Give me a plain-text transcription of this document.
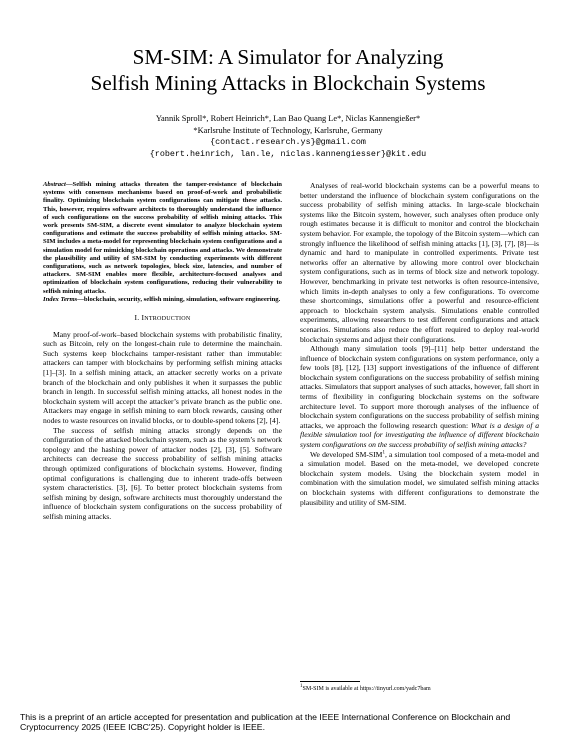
SM-SIM: A Simulator for Analyzing
Selfish Mining Attacks in Blockchain Systems
Yannik Sproll*, Robert Heinrich*, Lan Bao Quang Le*, Niclas Kannengießer*
*Karlsruhe Institute of Technology, Karlsruhe, Germany
{contact.research.ys}@gmail.com
{robert.heinrich, lan.le, niclas.kannengiesser}@kit.edu
Abstract—Selfish mining attacks threaten the tamper-resistance of blockchain systems with consensus mechanisms based on proof-of-work and probabilistic finality. Optimizing blockchain system configurations can mitigate these attacks. This, however, requires software architects to thoroughly understand the influence of such configurations on the success probability of selfish mining attacks. This work presents SM-SIM, a discrete event simulator to analyze blockchain system configurations and estimate the success probability of selfish mining attacks. SM-SIM includes a meta-model for representing blockchain system configurations and a simulation model for mimicking blockchain operations and attacks. We demonstrate the plausibility and utility of SM-SIM by conducting experiments with different configurations, such as network topologies, block size, latencies, and number of attackers. SM-SIM enables more flexible, architecture-focused analyses and optimization of blockchain system configurations, reducing their vulnerability to selfish mining attacks.
Index Terms—blockchain, security, selfish mining, simulation, software engineering.
I. INTRODUCTION

Many proof-of-work–based blockchain systems with probabilistic finality, such as Bitcoin, rely on the longest-chain rule to determine the mainchain. Such systems keep blockchains tamper-resistant rather than immutable: attackers can tamper with blockchains by performing selfish mining attacks [1]–[3]. In a selfish mining attack, an attacker secretly works on a private branch of the blockchain and only publishes it when it surpasses the public branch in length. In successful selfish mining attacks, all honest nodes in the blockchain system will accept the attacker’s private branch as the public one. Attackers may engage in selfish mining to earn block rewards, causing other nodes to waste resources on invalid blocks, or to double-spend tokens [2], [4].

The success of selfish mining attacks strongly depends on the configuration of the attacked blockchain system, such as the system’s network topology and the hashing power of attacker nodes [2], [3], [5]. Software architects can decrease the success probability of selfish mining attacks through optimized configurations of blockchain systems. However, finding optimal configurations is challenging due to inherent trade-offs between system characteristics. [3], [6]. To better protect blockchain systems from selfish mining by design, software architects must thoroughly understand the influence of blockchain system configurations on the success probability of selfish mining attacks.

Analyses of real-world blockchain systems can be a powerful means to better understand the influence of blockchain system configurations on the success probability of selfish mining attacks. In large-scale blockchain systems like the Bitcoin system, however, such analyses often produce only rough estimates because it is difficult to monitor and control the blockchain system behavior. For example, the topology of the Bitcoin system—which can strongly influence the likelihood of selfish mining attacks [1], [3], [7], [8]—is dynamic and hard to manipulate in controlled experiments. Private test networks offer an alternative by allowing more control over blockchain system configurations, such as in terms of block size and network topology. However, benchmarking in private test networks is often resource-intensive, which limits in-depth analyses to only a few configurations. To overcome these shortcomings, simulations offer a powerful and resource-efficient approach to blockchain system analysis. Simulations enable controlled experiments, allowing researchers to test different configurations and attack scenarios. Simulations also reduce the effort required to deploy real-world blockchain systems and adjust their configurations.

Although many simulation tools [9]–[11] help better understand the influence of blockchain system configurations on system performance, only a few tools [8], [12], [13] support investigations of the influence of different blockchain system configurations on the success probability of selfish mining attacks. Simulators that support analyses of such attacks, however, fall short in terms of flexibility in configuring blockchain systems on the software architecture level. To support more thorough analyses of the influence of blockchain system configurations on the success probability of selfish mining attacks, we approach the following research question: What is a design of a flexible simulation tool for investigating the influence of different blockchain system configurations on the success probability of selfish mining attacks?

We developed SM-SIM$^1$, a simulation tool composed of a meta-model and a simulation model. Based on the meta-model, we developed concrete blockchain system models. Using the blockchain system model in combination with the simulation model, we simulated selfish mining attacks on blockchain systems with different configurations to demonstrate the plausibility and utility of SM-SIM.

$^1$SM-SIM is available at https://tinyurl.com/yadc7bam
This is a preprint of an article accepted for presentation and publication at the IEEE International Conference on Blockchain and Cryptocurrency 2025 (IEEE ICBC'25). Copyright holder is IEEE.
